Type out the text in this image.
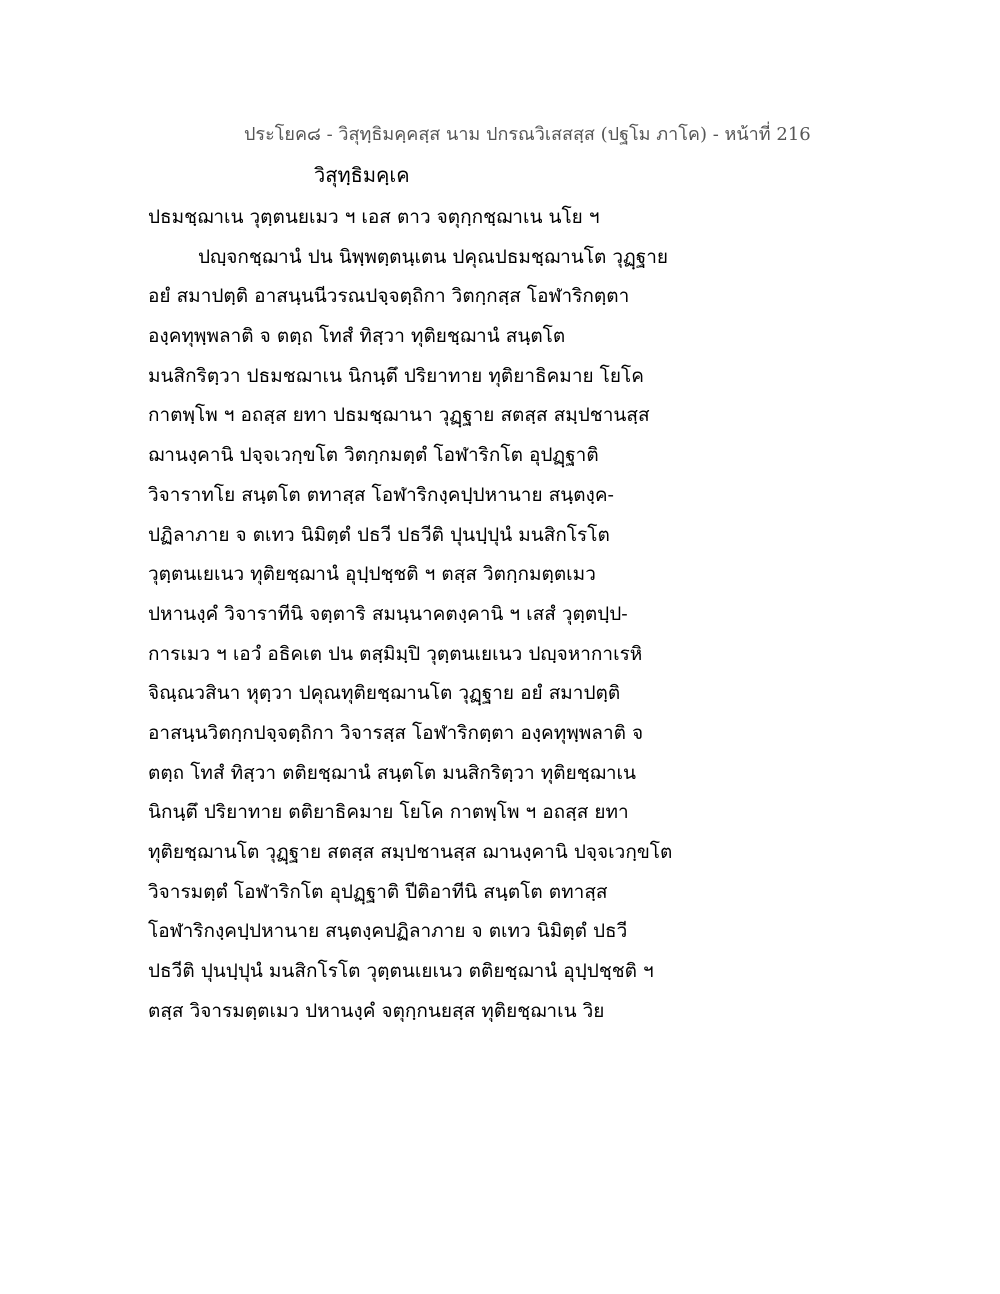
ประโยค๘ - วิสุทฺธิมคฺคสฺส นาม ปกรณวิเสสสฺส (ปฐโม ภาโค) - หน้าที่ 216
วิสุทฺธิมคฺเค
ปธมชฺฌาเน วุตฺตนยเมว ฯ เอส ตาว จตุกฺกชฺฌาเน นโย ฯ
ปญฺจกชฺฌานํ ปน นิพฺพตฺตนฺเตน ปคุณปธมชฺฌานโต วุฏฺฐาย
อยํ สมาปตฺติ อาสนฺนนีวรณปจฺจตฺถิกา วิตกฺกสฺส โอฬาริกตฺตา
องฺคทุพฺพลาติ จ ตตฺถ โทสํ ทิสฺวา ทุติยชฺฌานํ สนฺตโต
มนสิกริตฺวา ปธมชฌาเน นิกนฺตึ ปริยาทาย ทุติยาธิคมาย โยโค
กาตพฺโพ ฯ อถสฺส ยทา ปธมชฺฌานา วุฏฺฐาย สตสฺส สมฺปชานสฺส
ฌานงฺคานิ ปจฺจเวกฺขโต วิตกฺกมตฺตํ โอฬาริกโต อุปฏฺฐาติ
วิจาราทโย สนฺตโต ตทาสฺส โอฬาริกงฺคปฺปหานาย สนฺตงฺค-
ปฏิลาภาย จ ตเทว นิมิตฺตํ ปธวี ปธวีติ ปุนปฺปุนํ มนสิกโรโต
วุตฺตนเยเนว ทุติยชฺฌานํ อุปฺปชฺชติ ฯ ตสฺส วิตกฺกมตฺตเมว
ปหานงฺคํ วิจาราทีนิ จตฺตาริ สมนฺนาคตงฺคานิ ฯ เสสํ วุตฺตปฺป-
การเมว ฯ เอวํ อธิคเต ปน ตสฺมิมฺปิ วุตฺตนเยเนว ปญฺจหากาเรหิ
จิณฺณวสินา หุตฺวา ปคุณทุติยชฺฌานโต วุฏฺฐาย อยํ สมาปตฺติ
อาสนฺนวิตกฺกปจฺจตฺถิกา วิจารสฺส โอฬาริกตฺตา องฺคทุพฺพลาติ จ
ตตฺถ โทสํ ทิสฺวา ตติยชฺฌานํ สนฺตโต มนสิกริตฺวา ทุติยชฺฌาเน
นิกนฺตึ ปริยาทาย ตติยาธิคมาย โยโค กาตพฺโพ ฯ อถสฺส ยทา
ทุติยชฺฌานโต วุฏฺฐาย สตสฺส สมฺปชานสฺส ฌานงฺคานิ ปจฺจเวกฺขโต
วิจารมตฺตํ โอฬาริกโต อุปฏฺฐาติ ปีติอาทีนิ สนฺตโต ตทาสฺส
โอฬาริกงฺคปฺปหานาย สนฺตงฺคปฏิลาภาย จ ตเทว นิมิตฺตํ ปธวี
ปธวีติ ปุนปฺปุนํ มนสิกโรโต วุตฺตนเยเนว ตติยชฺฌานํ อุปฺปชฺชติ ฯ
ตสฺส วิจารมตฺตเมว ปหานงฺคํ จตุกฺกนยสฺส ทุติยชฺฌาเน วิย
